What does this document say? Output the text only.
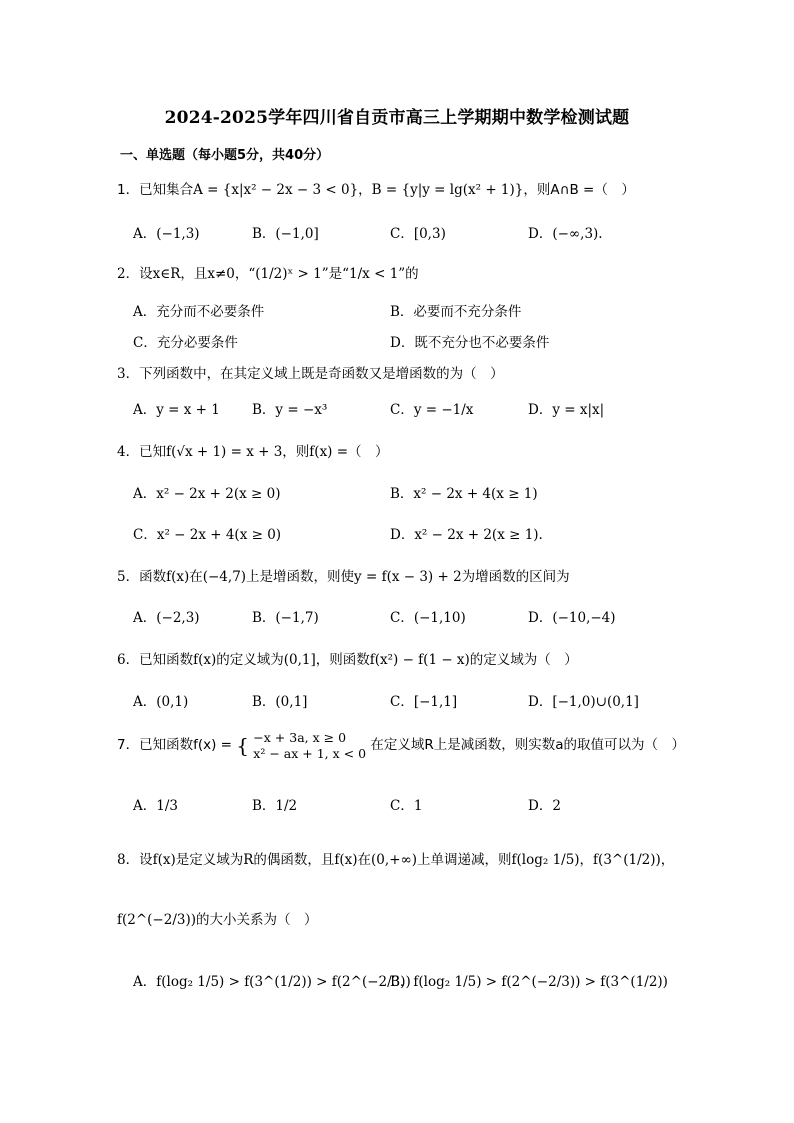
2024-2025学年四川省自贡市高三上学期期中数学检测试题
一、单选题（每小题5分，共40分）
1．已知集合A = {x|x² − 2x − 3 < 0}，B = {y|y = lg(x² + 1)}，则A∩B =（　）
A．(−1,3)	B．(−1,0]	C．[0,3)	D．(−∞,3).
2．设x∈R，且x≠0，“(1/2)ˣ > 1”是“1/x < 1”的
A．充分而不必要条件	B．必要而不充分条件
C．充分必要条件	D．既不充分也不必要条件
3．下列函数中，在其定义域上既是奇函数又是增函数的为（　）
A．y = x + 1 B．y = −x³	C．y = −1/x	D．y = x|x|
4．已知f(√x + 1) = x + 3，则f(x) =（　）
A．x² − 2x + 2(x ≥ 0)	B．x² − 2x + 4(x ≥ 1)
C．x² − 2x + 4(x ≥ 0)	D．x² − 2x + 2(x ≥ 1).
5．函数f(x)在(−4,7)上是增函数，则使y = f(x − 3) + 2为增函数的区间为
A．(−2,3)	B．(−1,7)	C．(−1,10)	D．(−10,−4)
6．已知函数f(x)的定义域为(0,1]，则函数f(x²) − f(1 − x)的定义域为（　）
A．(0,1)	B．(0,1]	C．[−1,1]	D．[−1,0)∪(0,1]
7．已知函数f(x) = { −x + 3a, x ≥ 0
x² − ax + 1, x < 0 在定义域R上是减函数，则实数a的取值可以为（　）
A．1/3	B．1/2	C．1	D．2
8．设f(x)是定义域为R的偶函数，且f(x)在(0,+∞)上单调递减，则f(log₂ 1/5)，f(3^(1/2))，
f(2^(−2/3))的大小关系为（　）
A．f(log₂ 1/5) > f(3^(1/2)) > f(2^(−2/3))
B．f(log₂ 1/5) > f(2^(−2/3)) > f(3^(1/2))
